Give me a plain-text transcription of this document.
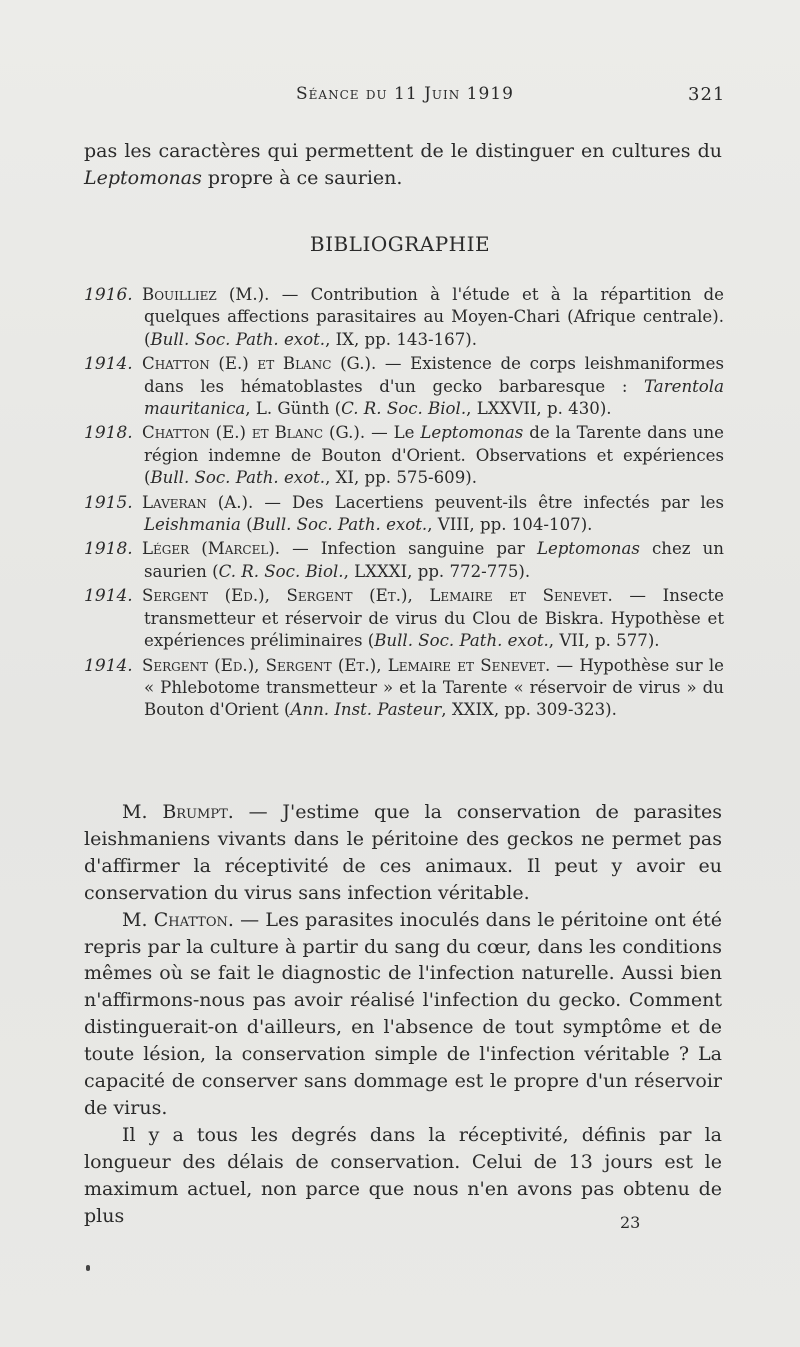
Séance du 11 Juin 1919	321
pas les caractères qui permettent de le distinguer en cultures du Leptomonas propre à ce saurien.
BIBLIOGRAPHIE
1916. Bouilliez (M.). — Contribution à l'étude et à la répartition de quelques affections parasitaires au Moyen-Chari (Afrique centrale). (Bull. Soc. Path. exot., IX, pp. 143-167).
1914. Chatton (E.) et Blanc (G.). — Existence de corps leishmaniformes dans les hématoblastes d'un gecko barbaresque : Tarentola mauritanica, L. Günth (C. R. Soc. Biol., LXXVII, p. 430).
1918. Chatton (E.) et Blanc (G.). — Le Leptomonas de la Tarente dans une région indemne de Bouton d'Orient. Observations et expériences (Bull. Soc. Path. exot., XI, pp. 575-609).
1915. Laveran (A.). — Des Lacertiens peuvent-ils être infectés par les Leishmania (Bull. Soc. Path. exot., VIII, pp. 104-107).
1918. Léger (Marcel). — Infection sanguine par Leptomonas chez un saurien (C. R. Soc. Biol., LXXXI, pp. 772-775).
1914. Sergent (Ed.), Sergent (Et.), Lemaire et Senevet. — Insecte transmetteur et réservoir de virus du Clou de Biskra. Hypothèse et expériences préliminaires (Bull. Soc. Path. exot., VII, p. 577).
1914. Sergent (Ed.), Sergent (Et.), Lemaire et Senevet. — Hypothèse sur le « Phlebotome transmetteur » et la Tarente « réservoir de virus » du Bouton d'Orient (Ann. Inst. Pasteur, XXIX, pp. 309-323).

M. Brumpt. — J'estime que la conservation de parasites leishmaniens vivants dans le péritoine des geckos ne permet pas d'affirmer la réceptivité de ces animaux. Il peut y avoir eu conservation du virus sans infection véritable.

M. Chatton. — Les parasites inoculés dans le péritoine ont été repris par la culture à partir du sang du cœur, dans les conditions mêmes où se fait le diagnostic de l'infection naturelle. Aussi bien n'affirmons-nous pas avoir réalisé l'infection du gecko. Comment distinguerait-on d'ailleurs, en l'absence de tout symptôme et de toute lésion, la conservation simple de l'infection véritable ? La capacité de conserver sans dommage est le propre d'un réservoir de virus.

Il y a tous les degrés dans la réceptivité, définis par la longueur des délais de conservation. Celui de 13 jours est le maximum actuel, non parce que nous n'en avons pas obtenu de plus	23
